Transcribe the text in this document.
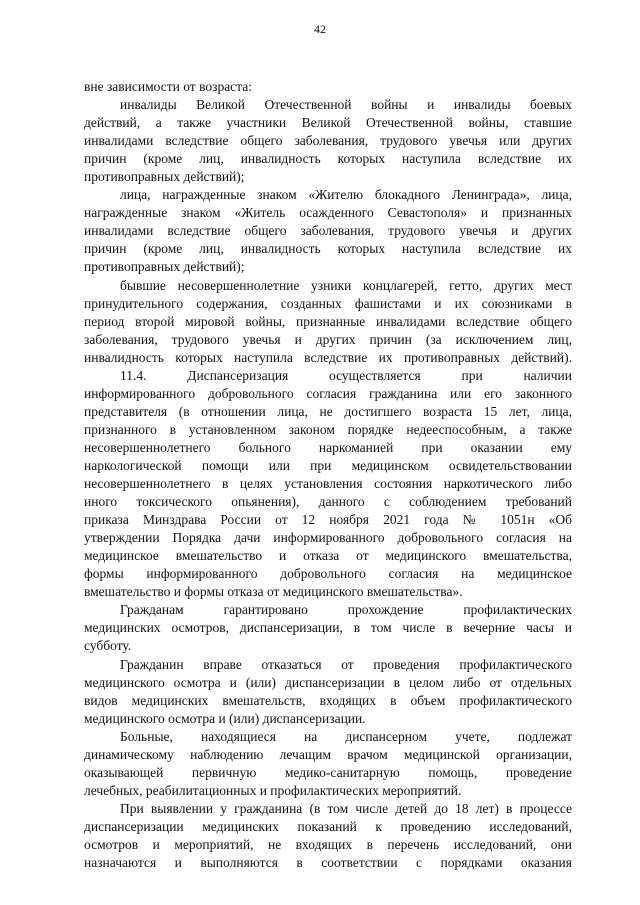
42
вне зависимости от возраста:
инвалиды Великой Отечественной войны и инвалиды боевых
действий, а также участники Великой Отечественной войны, ставшие
инвалидами вследствие общего заболевания, трудового увечья или других
причин (кроме лиц, инвалидность которых наступила вследствие их
противоправных действий);
лица, награжденные знаком «Жителю блокадного Ленинграда», лица,
награжденные знаком «Житель осажденного Севастополя» и признанных
инвалидами вследствие общего заболевания, трудового увечья и других
причин (кроме лиц, инвалидность которых наступила вследствие их
противоправных действий);
бывшие несовершеннолетние узники концлагерей, гетто, других мест
принудительного содержания, созданных фашистами и их союзниками в
период второй мировой войны, признанные инвалидами вследствие общего
заболевания, трудового увечья и других причин (за исключением лиц,
инвалидность которых наступила вследствие их противоправных действий).
11.4. Диспансеризация осуществляется при наличии
информированного добровольного согласия гражданина или его законного
представителя (в отношении лица, не достигшего возраста 15 лет, лица,
признанного в установленном законом порядке недееспособным, а также
несовершеннолетнего больного наркоманией при оказании ему
наркологической помощи или при медицинском освидетельствовании
несовершеннолетнего в целях установления состояния наркотического либо
иного токсического опьянения), данного с соблюдением требований
приказа Минздрава России от 12 ноября 2021 года № 1051н «Об
утверждении Порядка дачи информированного добровольного согласия на
медицинское вмешательство и отказа от медицинского вмешательства,
формы информированного добровольного согласия на медицинское
вмешательство и формы отказа от медицинского вмешательства».
Гражданам гарантировано прохождение профилактических
медицинских осмотров, диспансеризации, в том числе в вечерние часы и
субботу.
Гражданин вправе отказаться от проведения профилактического
медицинского осмотра и (или) диспансеризации в целом либо от отдельных
видов медицинских вмешательств, входящих в объем профилактического
медицинского осмотра и (или) диспансеризации.
Больные, находящиеся на диспансерном учете, подлежат
динамическому наблюдению лечащим врачом медицинской организации,
оказывающей первичную медико-санитарную помощь, проведение
лечебных, реабилитационных и профилактических мероприятий.
При выявлении у гражданина (в том числе детей до 18 лет) в процессе
диспансеризации медицинских показаний к проведению исследований,
осмотров и мероприятий, не входящих в перечень исследований, они
назначаются и выполняются в соответствии с порядками оказания
